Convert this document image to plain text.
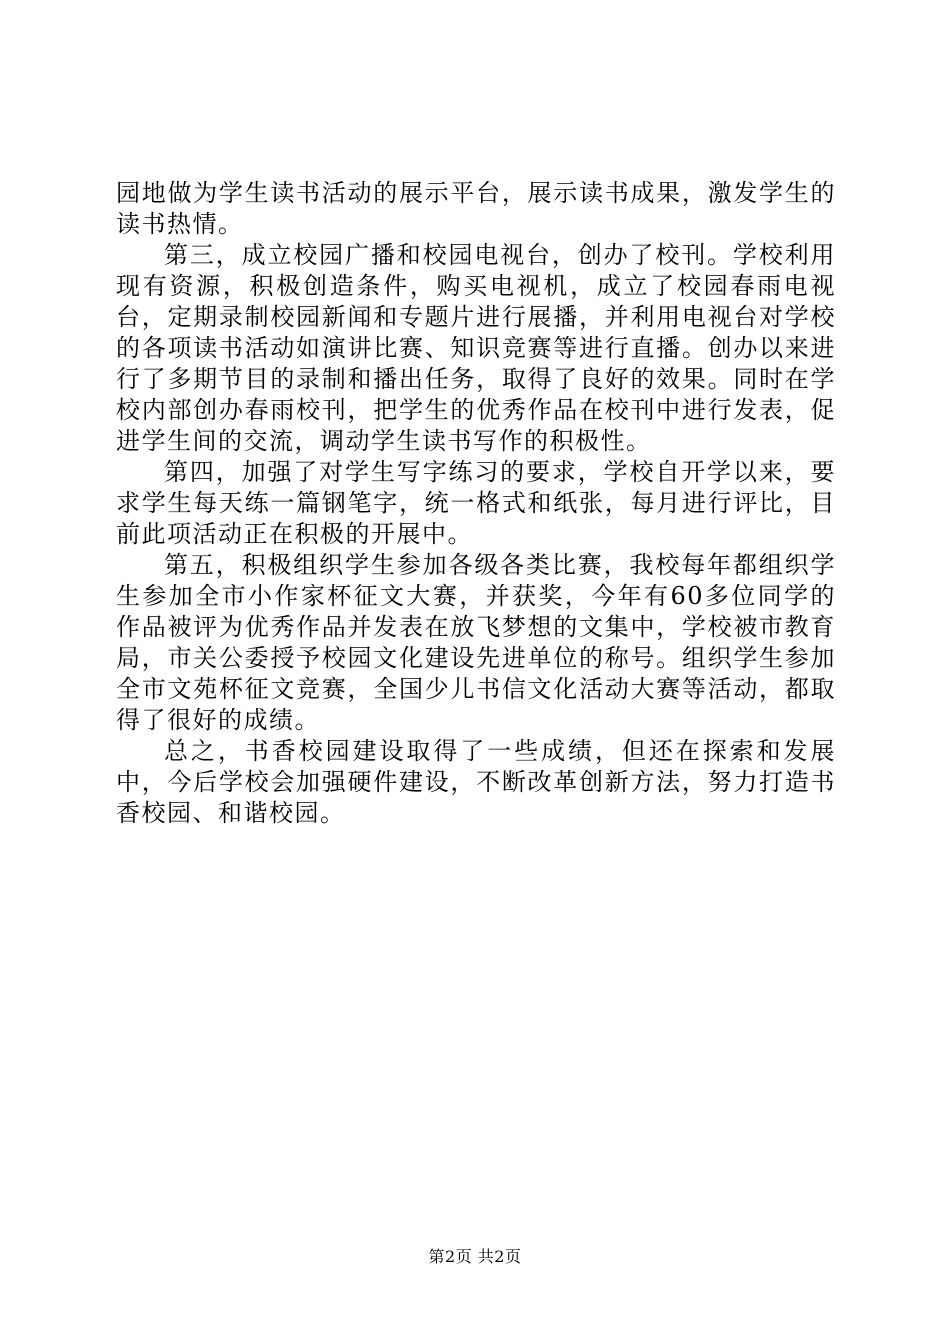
园地做为学生读书活动的展示平台，展示读书成果，激发学生的读书热情。

第三，成立校园广播和校园电视台，创办了校刊。学校利用现有资源，积极创造条件，购买电视机，成立了校园春雨电视台，定期录制校园新闻和专题片进行展播，并利用电视台对学校的各项读书活动如演讲比赛、知识竞赛等进行直播。创办以来进行了多期节目的录制和播出任务，取得了良好的效果。同时在学校内部创办春雨校刊，把学生的优秀作品在校刊中进行发表，促进学生间的交流，调动学生读书写作的积极性。

第四，加强了对学生写字练习的要求，学校自开学以来，要求学生每天练一篇钢笔字，统一格式和纸张，每月进行评比，目前此项活动正在积极的开展中。

第五，积极组织学生参加各级各类比赛，我校每年都组织学生参加全市小作家杯征文大赛，并获奖，今年有60多位同学的作品被评为优秀作品并发表在放飞梦想的文集中，学校被市教育局，市关公委授予校园文化建设先进单位的称号。组织学生参加全市文苑杯征文竞赛，全国少儿书信文化活动大赛等活动，都取得了很好的成绩。

总之，书香校园建设取得了一些成绩，但还在探索和发展中，今后学校会加强硬件建设，不断改革创新方法，努力打造书香校园、和谐校园。

第2页 共2页
